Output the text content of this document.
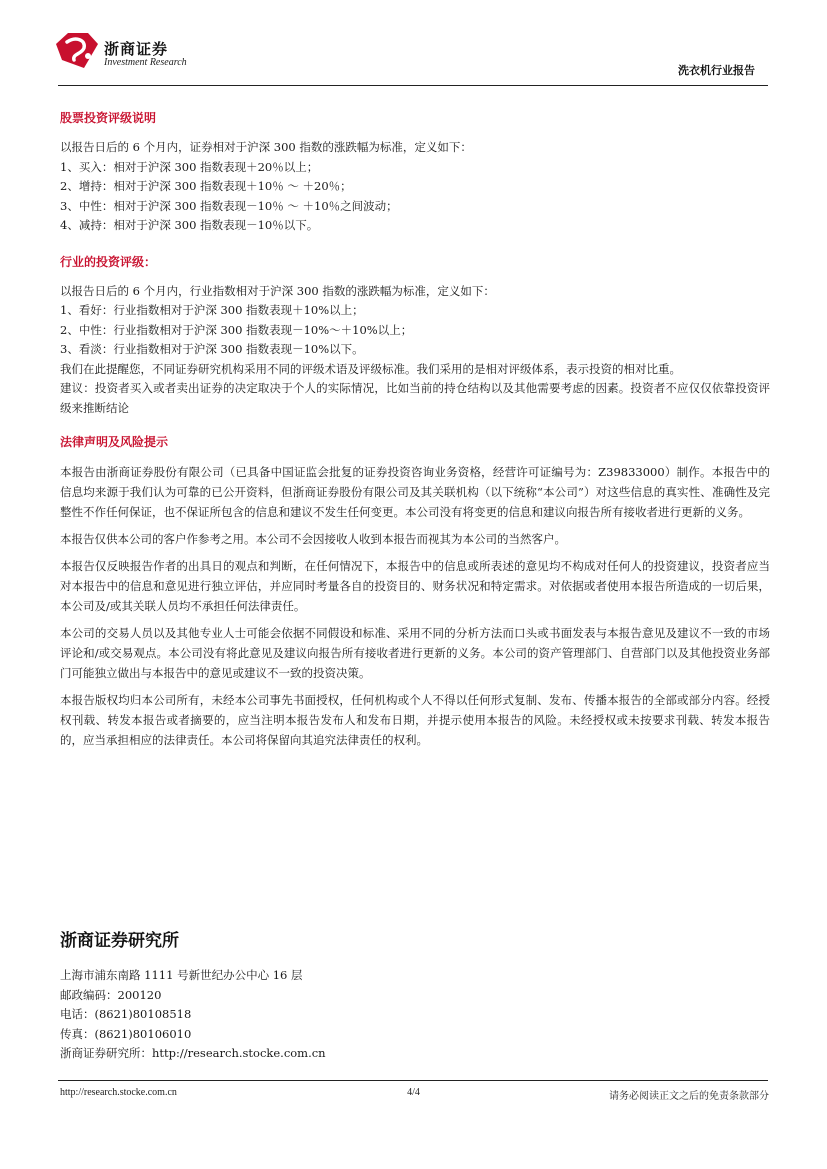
浙商证券
Investment Research
洗衣机行业报告

股票投资评级说明

以报告日后的 6 个月内，证券相对于沪深 300 指数的涨跌幅为标准，定义如下：

1、买入：相对于沪深 300 指数表现＋20％以上；

2、增持：相对于沪深 300 指数表现＋10％ ～ ＋20％；

3、中性：相对于沪深 300 指数表现－10％ ～ ＋10％之间波动；

4、减持：相对于沪深 300 指数表现－10％以下。

行业的投资评级：

以报告日后的 6 个月内，行业指数相对于沪深 300 指数的涨跌幅为标准，定义如下：

1、看好：行业指数相对于沪深 300 指数表现＋10%以上；

2、中性：行业指数相对于沪深 300 指数表现－10%～＋10%以上；

3、看淡：行业指数相对于沪深 300 指数表现－10%以下。

我们在此提醒您，不同证券研究机构采用不同的评级术语及评级标准。我们采用的是相对评级体系，表示投资的相对比重。

建议：投资者买入或者卖出证券的决定取决于个人的实际情况，比如当前的持仓结构以及其他需要考虑的因素。投资者不应仅仅依靠投资评级来推断结论

法律声明及风险提示

本报告由浙商证券股份有限公司（已具备中国证监会批复的证券投资咨询业务资格，经营许可证编号为：Z39833000）制作。本报告中的信息均来源于我们认为可靠的已公开资料，但浙商证券股份有限公司及其关联机构（以下统称“本公司”）对这些信息的真实性、准确性及完整性不作任何保证，也不保证所包含的信息和建议不发生任何变更。本公司没有将变更的信息和建议向报告所有接收者进行更新的义务。

本报告仅供本公司的客户作参考之用。本公司不会因接收人收到本报告而视其为本公司的当然客户。

本报告仅反映报告作者的出具日的观点和判断，在任何情况下，本报告中的信息或所表述的意见均不构成对任何人的投资建议，投资者应当对本报告中的信息和意见进行独立评估，并应同时考量各自的投资目的、财务状况和特定需求。对依据或者使用本报告所造成的一切后果，本公司及/或其关联人员均不承担任何法律责任。

本公司的交易人员以及其他专业人士可能会依据不同假设和标准、采用不同的分析方法而口头或书面发表与本报告意见及建议不一致的市场评论和/或交易观点。本公司没有将此意见及建议向报告所有接收者进行更新的义务。本公司的资产管理部门、自营部门以及其他投资业务部门可能独立做出与本报告中的意见或建议不一致的投资决策。

本报告版权均归本公司所有，未经本公司事先书面授权，任何机构或个人不得以任何形式复制、发布、传播本报告的全部或部分内容。经授权刊载、转发本报告或者摘要的，应当注明本报告发布人和发布日期，并提示使用本报告的风险。未经授权或未按要求刊载、转发本报告的，应当承担相应的法律责任。本公司将保留向其追究法律责任的权利。

浙商证券研究所

上海市浦东南路 1111 号新世纪办公中心 16 层

邮政编码：200120

电话：(8621)80108518

传真：(8621)80106010

浙商证券研究所：http://research.stocke.com.cn

http://research.stocke.com.cn	4/4	请务必阅读正文之后的免责条款部分
